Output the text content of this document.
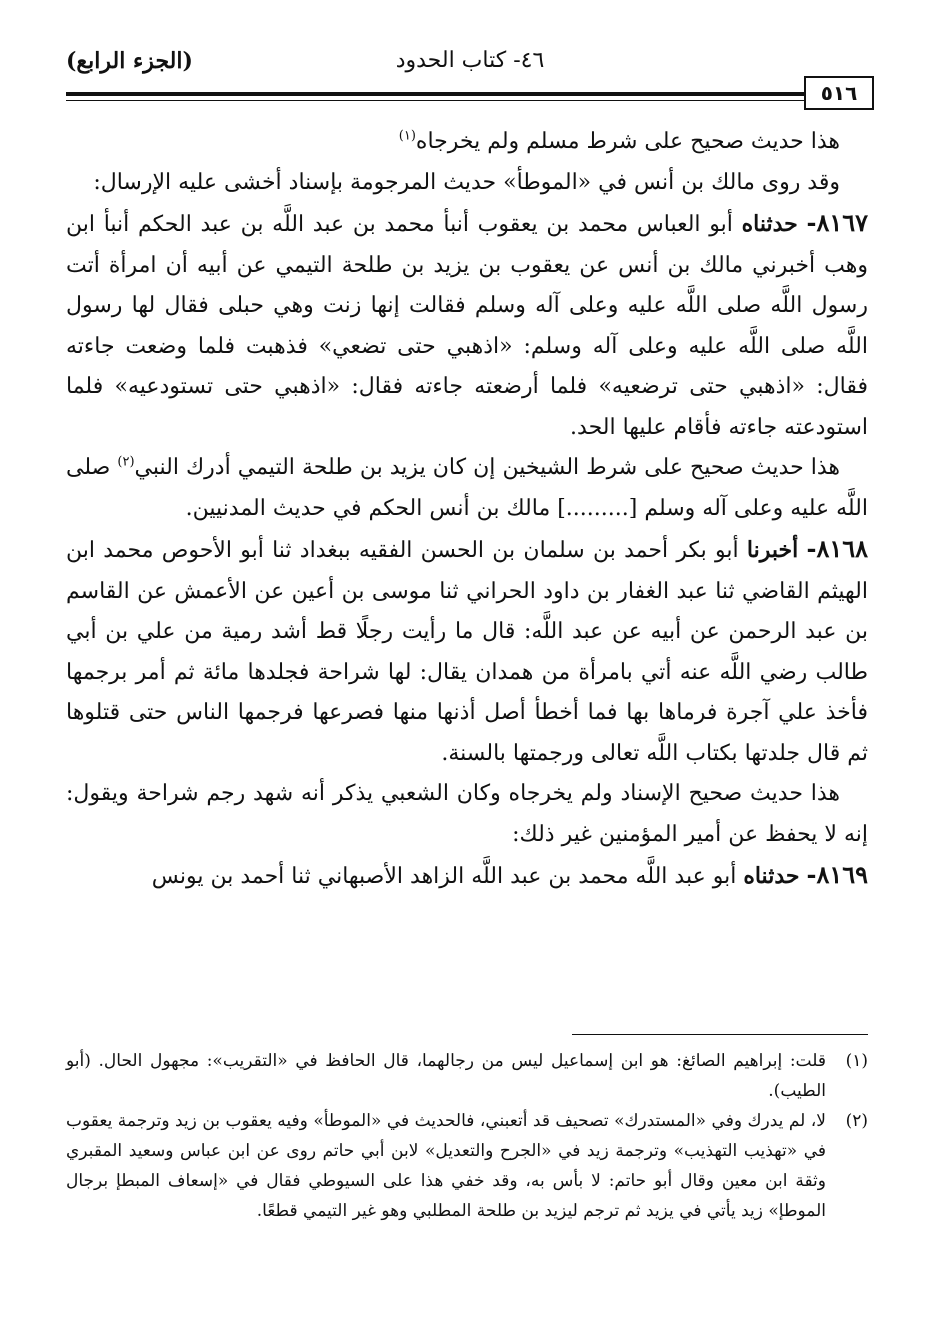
٤٦- كتاب الحدود
(الجزء الرابع)
٥١٦

هذا حديث صحيح على شرط مسلم ولم يخرجاه$^{(١)}$

وقد روى مالك بن أنس في «الموطأ» حديث المرجومة بإسناد أخشى عليه الإرسال:

٨١٦٧- حدثناه أبو العباس محمد بن يعقوب أنبأ محمد بن عبد اللَّه بن عبد الحكم أنبأ ابن وهب أخبرني مالك بن أنس عن يعقوب بن يزيد بن طلحة التيمي عن أبيه أن امرأة أتت رسول اللَّه صلى اللَّه عليه وعلى آله وسلم فقالت إنها زنت وهي حبلى فقال لها رسول اللَّه صلى اللَّه عليه وعلى آله وسلم: «اذهبي حتى تضعي» فذهبت فلما وضعت جاءته فقال: «اذهبي حتى ترضعيه» فلما أرضعته جاءته فقال: «اذهبي حتى تستودعيه» فلما استودعته جاءته فأقام عليها الحد.

هذا حديث صحيح على شرط الشيخين إن كان يزيد بن طلحة التيمي أدرك النبي$^{(٢)}$ صلى اللَّه عليه وعلى آله وسلم [.........] مالك بن أنس الحكم في حديث المدنيين.

٨١٦٨- أخبرنا أبو بكر أحمد بن سلمان بن الحسن الفقيه ببغداد ثنا أبو الأحوص محمد ابن الهيثم القاضي ثنا عبد الغفار بن داود الحراني ثنا موسى بن أعين عن الأعمش عن القاسم بن عبد الرحمن عن أبيه عن عبد اللَّه: قال ما رأيت رجلًا قط أشد رمية من علي بن أبي طالب رضي اللَّه عنه أتي بامرأة من همدان يقال: لها شراحة فجلدها مائة ثم أمر برجمها فأخذ علي آجرة فرماها بها فما أخطأ أصل أذنها منها فصرعها فرجمها الناس حتى قتلوها ثم قال جلدتها بكتاب اللَّه تعالى ورجمتها بالسنة.

هذا حديث صحيح الإسناد ولم يخرجاه وكان الشعبي يذكر أنه شهد رجم شراحة ويقول: إنه لا يحفظ عن أمير المؤمنين غير ذلك:

٨١٦٩- حدثناه أبو عبد اللَّه محمد بن عبد اللَّه الزاهد الأصبهاني ثنا أحمد بن يونس

(١)
قلت: إبراهيم الصائغ: هو ابن إسماعيل ليس من رجالهما، قال الحافظ في «التقريب»: مجهول الحال. (أبو الطيب).
(٢)
لا، لم يدرك وفي «المستدرك» تصحيف قد أتعبني، فالحديث في «الموطأ» وفيه يعقوب بن زيد وترجمة يعقوب في «تهذيب التهذيب» وترجمة زيد في «الجرح والتعديل» لابن أبي حاتم روى عن ابن عباس وسعيد المقبري وثقة ابن معين وقال أبو حاتم: لا بأس به، وقد خفي هذا على السيوطي فقال في «إسعاف المبطإ برجال الموطإ» زيد يأتي في يزيد ثم ترجم ليزيد بن طلحة المطلبي وهو غير التيمي قطعًا.
